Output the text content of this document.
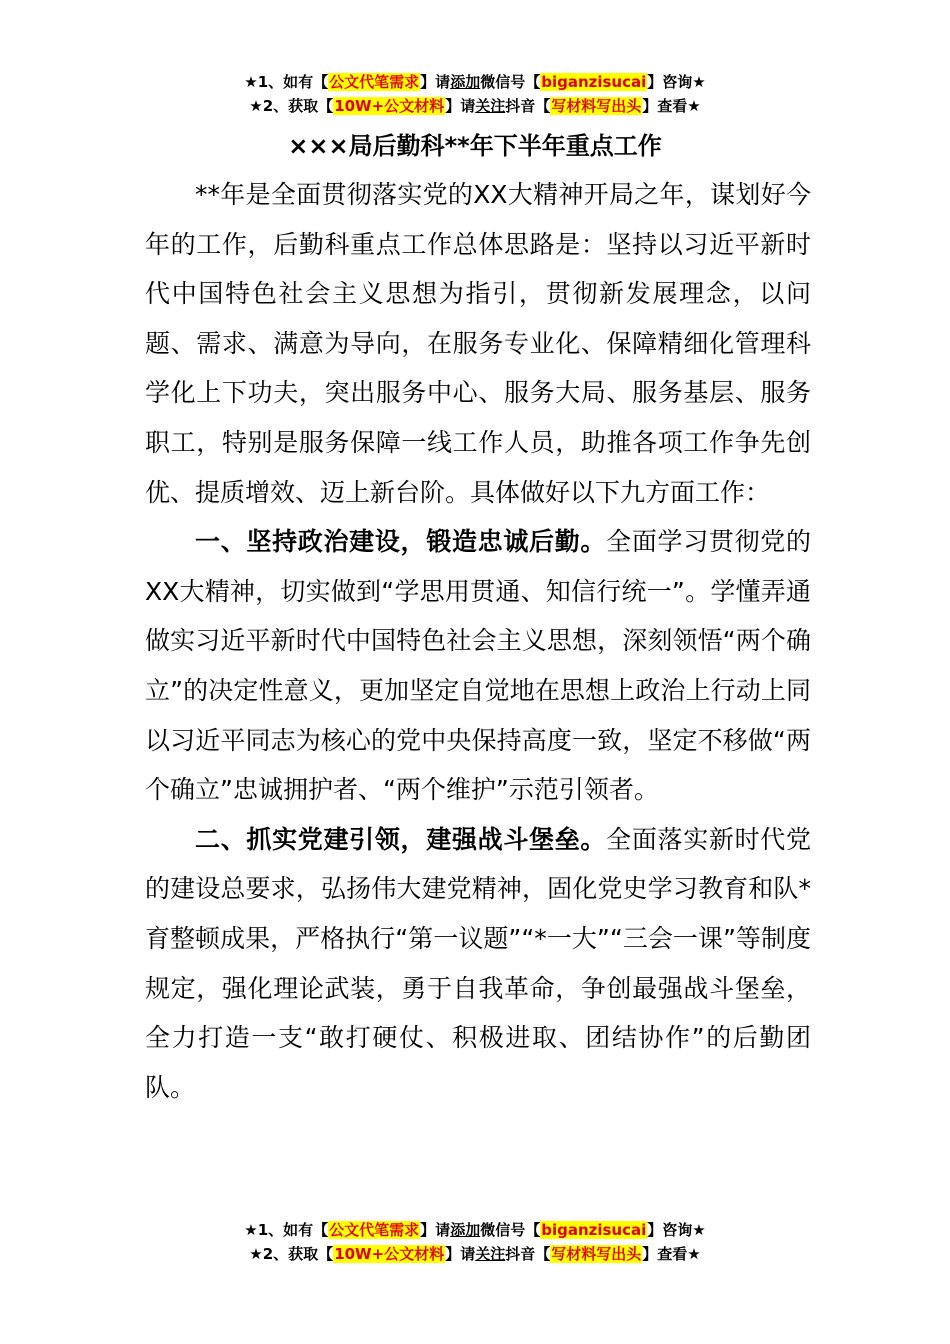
★1、如有【公文代笔需求】请添加微信号【biganzisucai】咨询★
★2、获取【10W+公文材料】请关注抖音【写材料写出头】查看★
×××局后勤科**年下半年重点工作

**年是全面贯彻落实党的XX大精神开局之年，谋划好今年的工作，后勤科重点工作总体思路是：坚持以习近平新时代中国特色社会主义思想为指引，贯彻新发展理念，以问题、需求、满意为导向，在服务专业化、保障精细化管理科学化上下功夫，突出服务中心、服务大局、服务基层、服务职工，特别是服务保障一线工作人员，助推各项工作争先创优、提质增效、迈上新台阶。具体做好以下九方面工作：

一、坚持政治建设，锻造忠诚后勤。全面学习贯彻党的XX大精神，切实做到“学思用贯通、知信行统一”。学懂弄通做实习近平新时代中国特色社会主义思想，深刻领悟“两个确立”的决定性意义，更加坚定自觉地在思想上政治上行动上同以习近平同志为核心的党中央保持高度一致，坚定不移做“两个确立”忠诚拥护者、“两个维护”示范引领者。

二、抓实党建引领，建强战斗堡垒。全面落实新时代党的建设总要求，弘扬伟大建党精神，固化党史学习教育和队*育整顿成果，严格执行“第一议题”“*一大”“三会一课”等制度规定，强化理论武装，勇于自我革命，争创最强战斗堡垒，全力打造一支“敢打硬仗、积极进取、团结协作”的后勤团队。

★1、如有【公文代笔需求】请添加微信号【biganzisucai】咨询★
★2、获取【10W+公文材料】请关注抖音【写材料写出头】查看★
